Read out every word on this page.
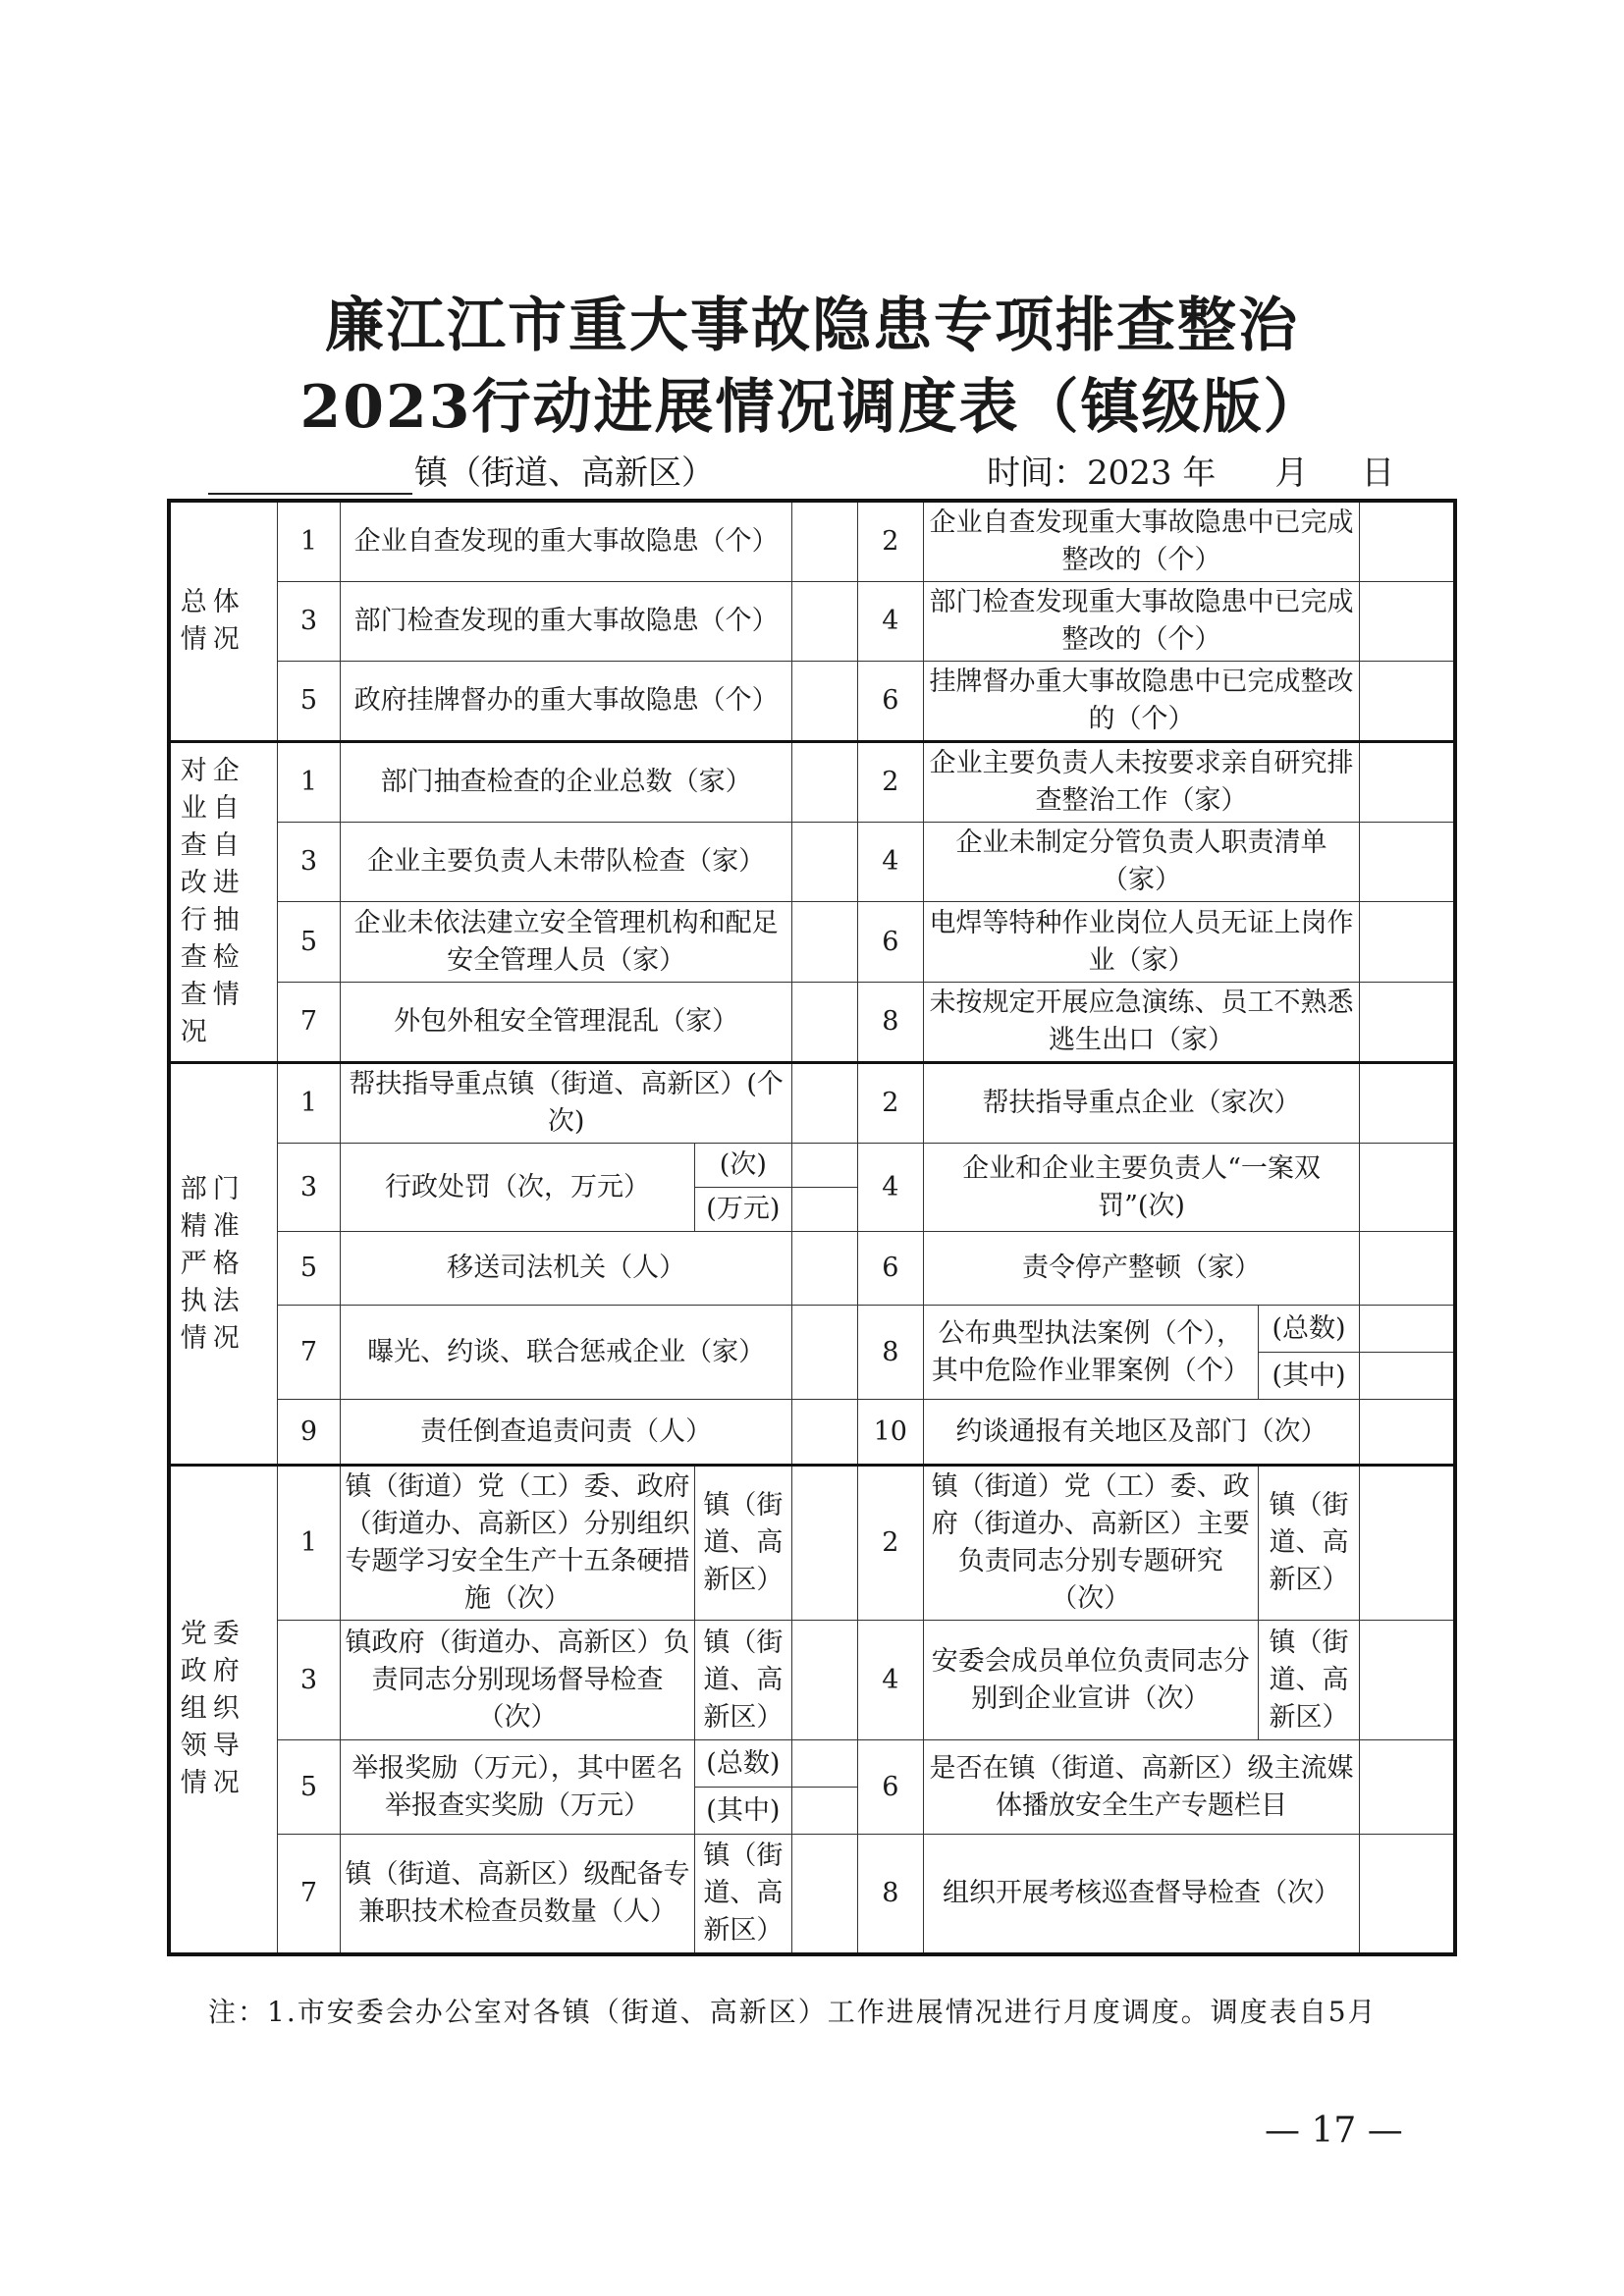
廉江江市重大事故隐患专项排查整治
2023行动进展情况调度表（镇级版）
镇（街道、高新区）	时间：2023 年 月 日
总体情况	1	企业自查发现的重大事故隐患（个）			2	企业自查发现重大事故隐患中已完成整改的（个）		
	3	部门检查发现的重大事故隐患（个）			4	部门检查发现重大事故隐患中已完成整改的（个）		
	5	政府挂牌督办的重大事故隐患（个）			6	挂牌督办重大事故隐患中已完成整改的（个）		
对企业自查自改进行抽查检查情况	1	部门抽查检查的企业总数（家）			2	企业主要负责人未按要求亲自研究排查整治工作（家）		
	3	企业主要负责人未带队检查（家）			4	企业未制定分管负责人职责清单（家）		
	5	企业未依法建立安全管理机构和配足安全管理人员（家）			6	电焊等特种作业岗位人员无证上岗作业（家）		
	7	外包外租安全管理混乱（家）			8	未按规定开展应急演练、员工不熟悉逃生出口（家）		
部门精准严格执法情况	1	帮扶指导重点镇（街道、高新区）(个次)			2	帮扶指导重点企业（家次）		
	3	行政处罚（次，万元）	(次)		4	企业和企业主要负责人“一案双罚”(次)		
			(万元)					
	5	移送司法机关（人）			6	责令停产整顿（家）		
	7	曝光、约谈、联合惩戒企业（家）			8	公布典型执法案例（个），其中危险作业罪案例（个）	(总数)	
							(其中)	
	9	责任倒查追责问责（人）			10	约谈通报有关地区及部门（次）		
党委政府组织领导情况	1	镇（街道）党（工）委、政府（街道办、高新区）分别组织专题学习安全生产十五条硬措施（次）	镇（街道、高新区）		2	镇（街道）党（工）委、政府（街道办、高新区）主要负责同志分别专题研究（次）	镇（街道、高新区）	
	3	镇政府（街道办、高新区）负责同志分别现场督导检查（次）	镇（街道、高新区）		4	安委会成员单位负责同志分别到企业宣讲（次）	镇（街道、高新区）	
	5	举报奖励（万元），其中匿名举报查实奖励（万元）	(总数)		6	是否在镇（街道、高新区）级主流媒体播放安全生产专题栏目		
			(其中)					
	7	镇（街道、高新区）级配备专兼职技术检查员数量（人）	镇（街道、高新区）		8	组织开展考核巡查督导检查（次）		
注：1.市安委会办公室对各镇（街道、高新区）工作进展情况进行月度调度。调度表自5月
— 17 —
